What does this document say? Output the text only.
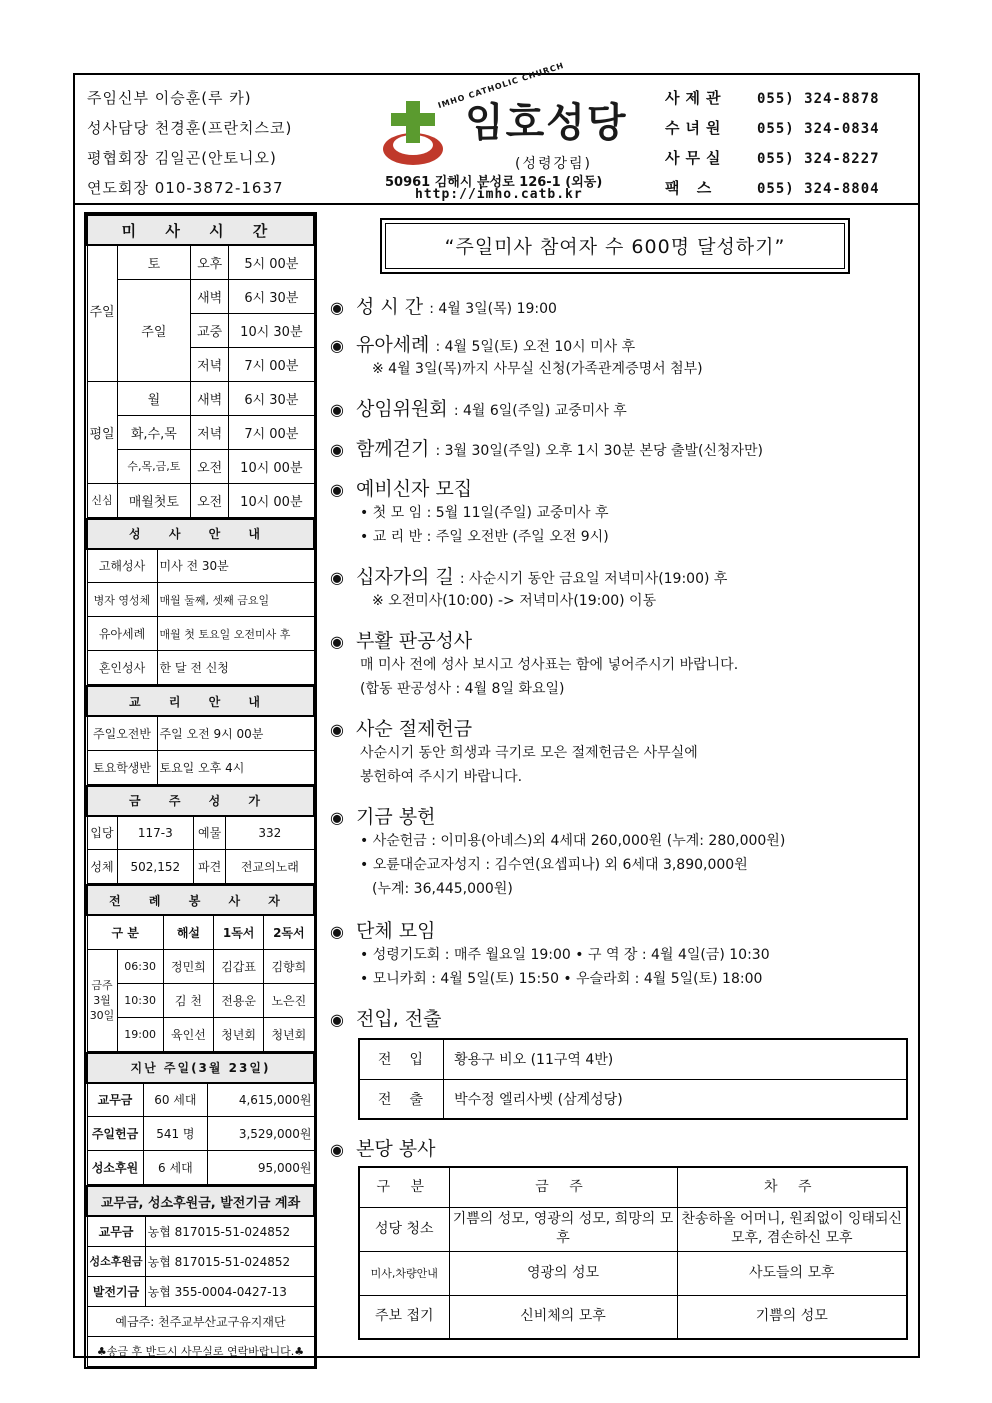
주임신부 이승훈(루 카)
성사담당 천경훈(프란치스코)
평협회장 김일곤(안토니오)
연도회장 010-3872-1637
IMHO CATHOLIC CHURCH
임호성당
(성령강림)
50961 김해시 분성로 126-1 (외동)
http://imho.catb.kr
사제관 055) 324-8878
수녀원 055) 324-0834
사무실 055) 324-8227
팩 스	055) 324-8804
미 사 시 간			
주일	토	오후	5시 00분
	주일	새벽	6시 30분
		교중	10시 30분
		저녁	7시 00분
평일	월	새벽	6시 30분
	화,수,목	저녁	7시 00분
	수,목,금,토	오전	10시 00분
신심	매월첫토	오전	10시 00분
성 사 안 내	
고해성사	미사 전 30분
병자 영성체	매월 둘째, 셋째 금요일
유아세례	매월 첫 토요일 오전미사 후
혼인성사	한 달 전 신청
교 리 안 내	
주일오전반	주일 오전 9시 00분
토요학생반	토요일 오후 4시
금 주 성 가			
입당	117-3	예물	332
성체	502,152	파견	전교의노래
전 례 봉 사 자				
구 분		해설	1독서	2독서
금주 3월 30일	06:30	정민희	김갑표	김향희
	10:30	김 천	전용운	노은진
	19:00	육인선	청년회	청년회
지난 주일(3월 23일)		
교무금	60 세대	4,615,000원
주일헌금	541 명	3,529,000원
성소후원	6 세대	95,000원
교무금, 성소후원금, 발전기금 계좌	
교무금	농협 817015-51-024852
성소후원금	농협 817015-51-024852
발전기금	농협 355-0004-0427-13
예금주: 천주교부산교구유지재단	
♣송금 후 반드시 사무실로 연락바랍니다.♣	
“주일미사 참여자 수 600명 달성하기”
◉ 성 시 간 : 4월 3일(목) 19:00
◉ 유아세례 : 4월 5일(토) 오전 10시 미사 후
※ 4월 3일(목)까지 사무실 신청(가족관계증명서 첨부)
◉ 상임위원회 : 4월 6일(주일) 교중미사 후
◉ 함께걷기 : 3월 30일(주일) 오후 1시 30분 본당 출발(신청자만)
◉ 예비신자 모집
• 첫 모 임 : 5월 11일(주일) 교중미사 후
• 교 리 반 : 주일 오전반 (주일 오전 9시)
◉ 십자가의 길 : 사순시기 동안 금요일 저녁미사(19:00) 후
※ 오전미사(10:00) -> 저녁미사(19:00) 이동
◉ 부활 판공성사
매 미사 전에 성사 보시고 성사표는 함에 넣어주시기 바랍니다.
(합동 판공성사 : 4월 8일 화요일)
◉ 사순 절제헌금
사순시기 동안 희생과 극기로 모은 절제헌금은 사무실에
봉헌하여 주시기 바랍니다.
◉ 기금 봉헌
• 사순헌금 : 이미용(아녜스)외 4세대 260,000원 (누계: 280,000원)
• 오륜대순교자성지 : 김수연(요셉피나) 외 6세대 3,890,000원
(누계: 36,445,000원)
◉ 단체 모임
• 성령기도회 : 매주 월요일 19:00 • 구 역 장 : 4월 4일(금) 10:30
• 모니카회 : 4월 5일(토) 15:50 • 우슬라회 : 4월 5일(토) 18:00
◉ 전입, 전출
전입	황용구 비오 (11구역 4반)
전출	박수정 엘리사벳 (삼계성당)
◉ 본당 봉사
구 분	금 주	차 주
성당 청소	기쁨의 성모, 영광의 성모, 희망의 모후	찬송하올 어머니, 원죄없이 잉태되신 모후, 겸손하신 모후
미사,차량안내	영광의 성모	사도들의 모후
주보 접기	신비체의 모후	기쁨의 성모
